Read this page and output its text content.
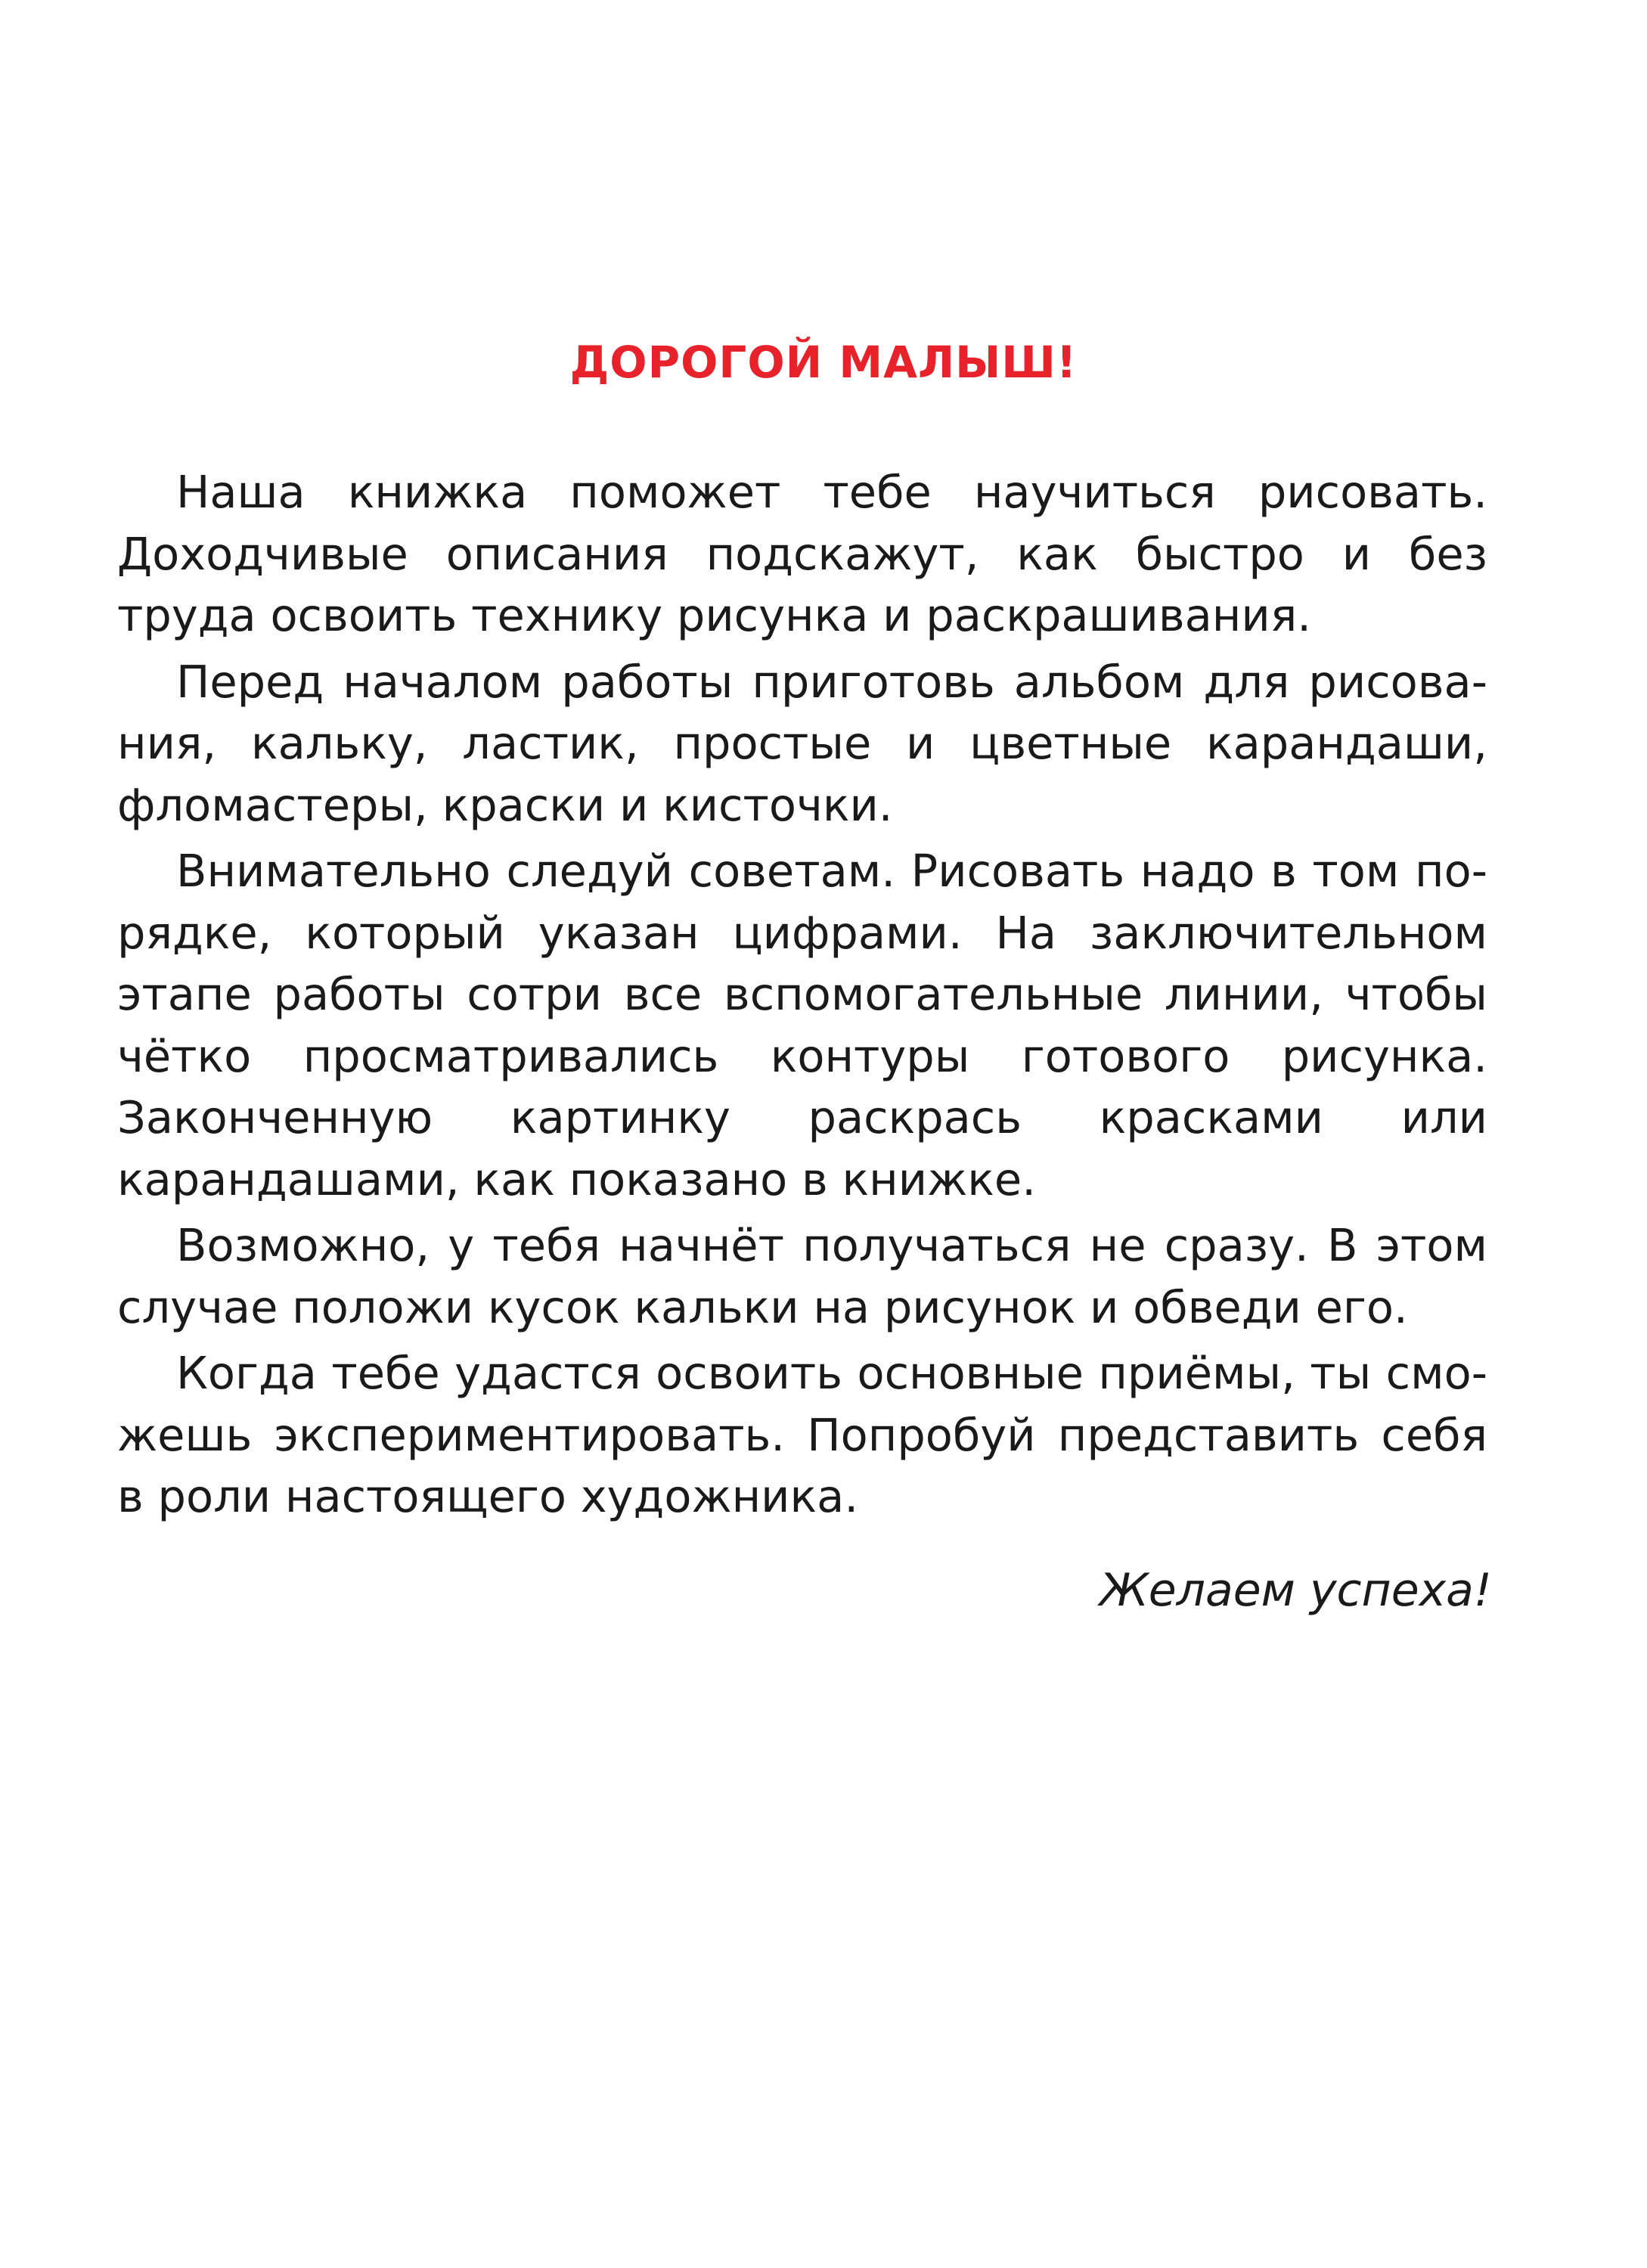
ДОРОГОЙ МАЛЫШ!

Наша книжка поможет тебе научиться рисовать. Доходчивые описания подскажут, как быстро и без труда освоить технику рисунка и раскрашивания.

Перед началом работы приготовь альбом для рисования, кальку, ластик, простые и цветные карандаши, фломастеры, краски и кисточки.

Внимательно следуй советам. Рисовать надо в том порядке, который указан цифрами. На заключительном этапе работы сотри все вспомогательные линии, чтобы чётко просматривались контуры готового рисунка. Законченную картинку раскрась красками или карандашами, как показано в книжке.

Возможно, у тебя начнёт получаться не сразу. В этом случае положи кусок кальки на рисунок и обведи его.

Когда тебе удастся освоить основные приёмы, ты сможешь экспериментировать. Попробуй представить себя в роли настоящего художника.

Желаем успеха!
